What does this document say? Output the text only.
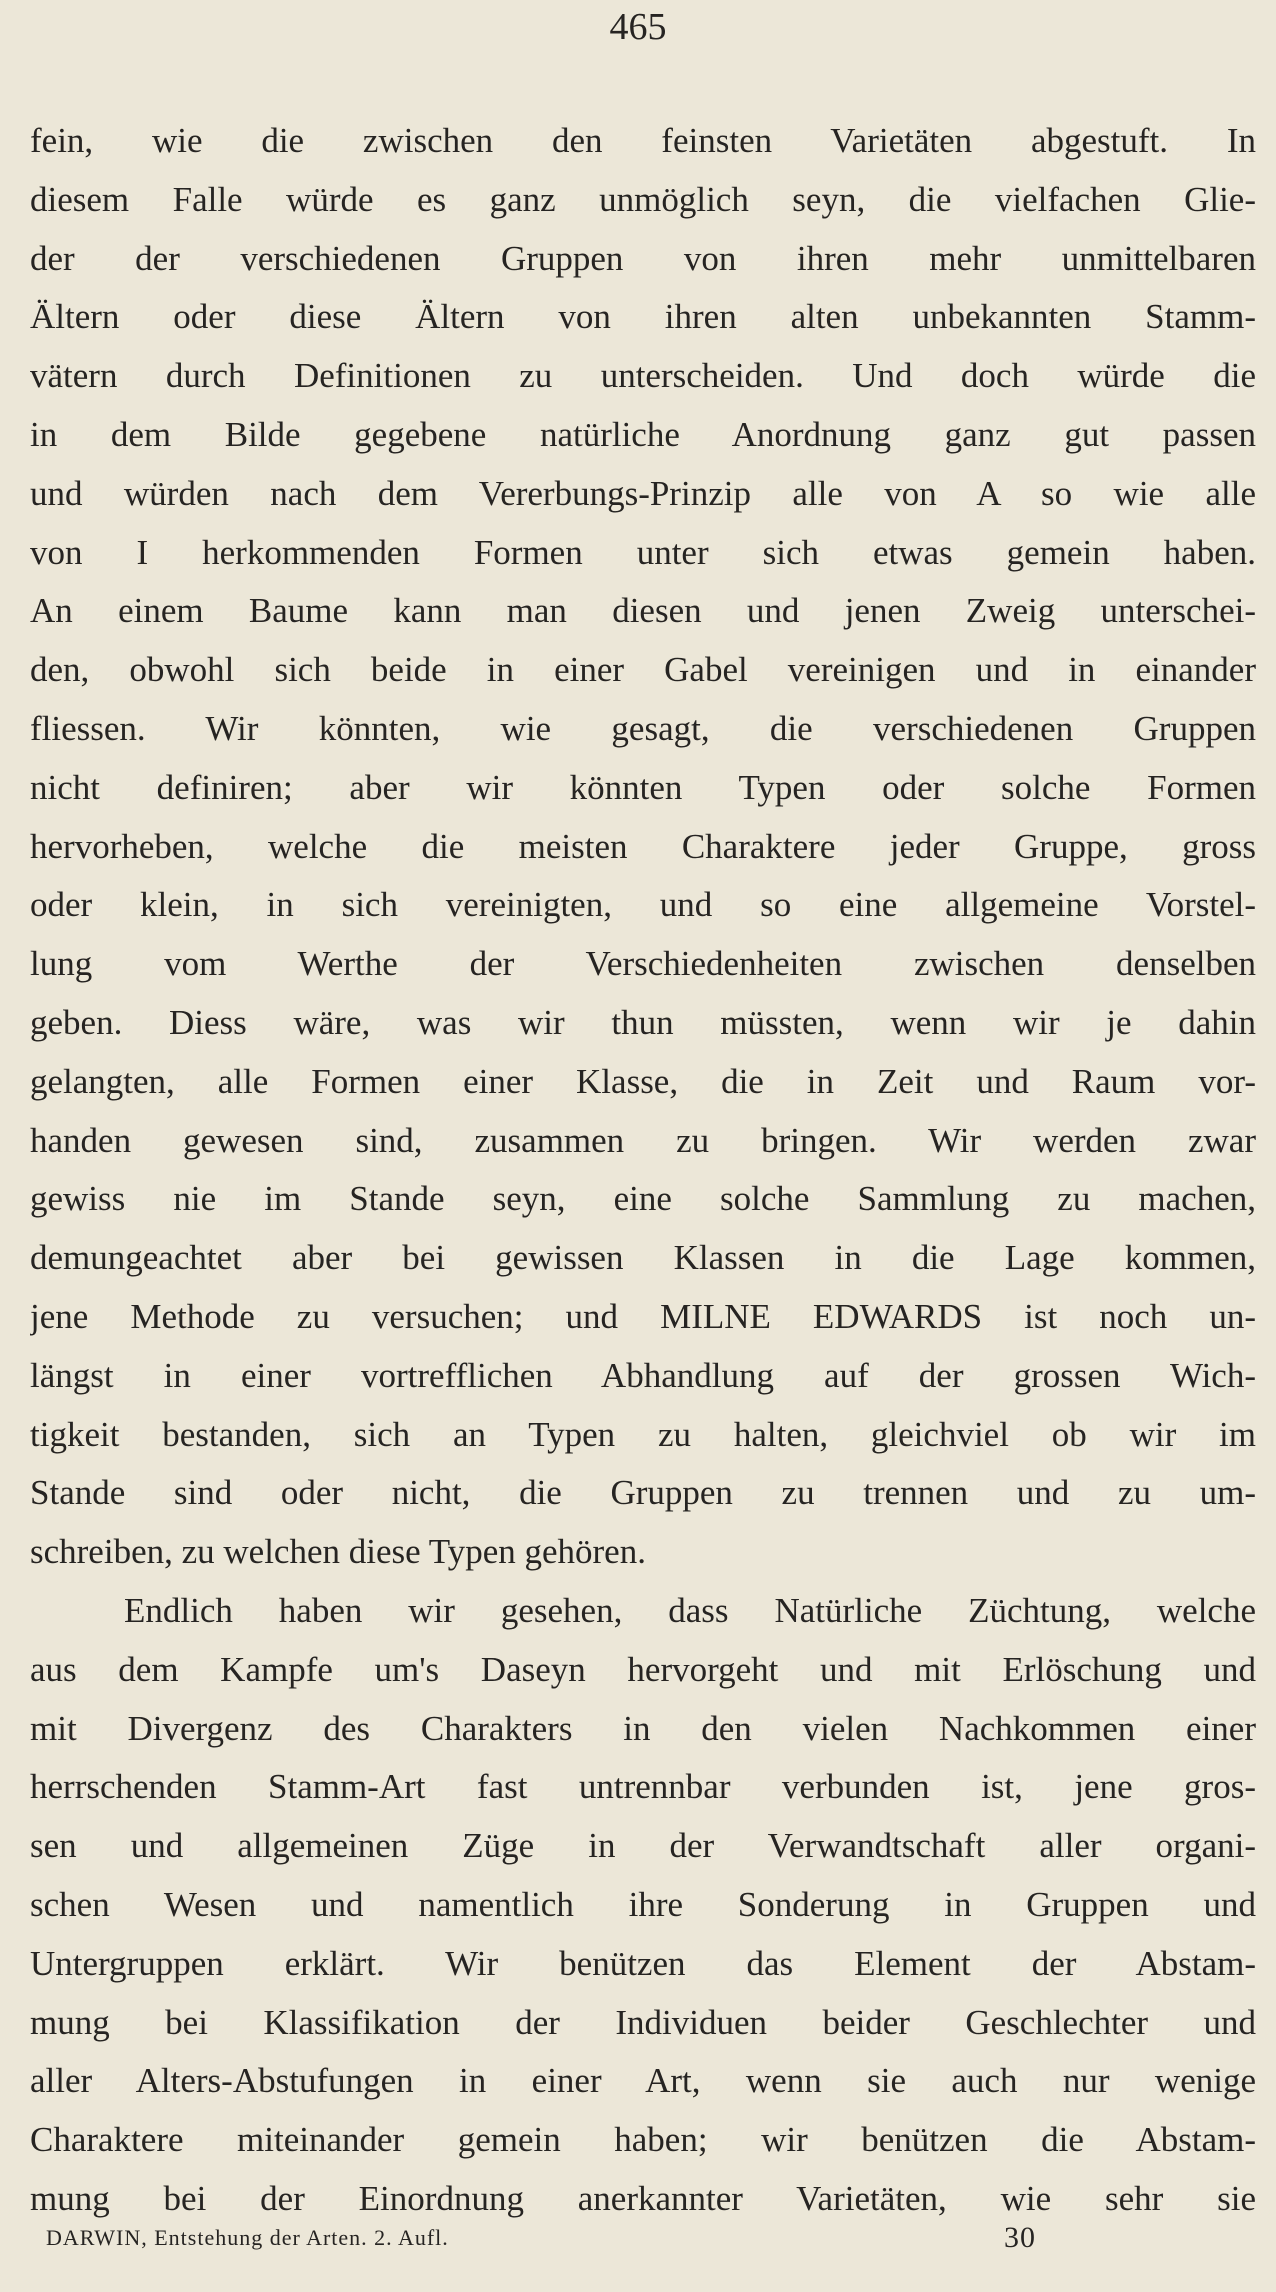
465
fein, wie die zwischen den feinsten Varietäten abgestuft. In
diesem Falle würde es ganz unmöglich seyn, die vielfachen Glie-
der der verschiedenen Gruppen von ihren mehr unmittelbaren
Ältern oder diese Ältern von ihren alten unbekannten Stamm-
vätern durch Definitionen zu unterscheiden. Und doch würde die
in dem Bilde gegebene natürliche Anordnung ganz gut passen
und würden nach dem Vererbungs-Prinzip alle von A so wie alle
von I herkommenden Formen unter sich etwas gemein haben.
An einem Baume kann man diesen und jenen Zweig unterschei-
den, obwohl sich beide in einer Gabel vereinigen und in einander
fliessen. Wir könnten, wie gesagt, die verschiedenen Gruppen
nicht definiren; aber wir könnten Typen oder solche Formen
hervorheben, welche die meisten Charaktere jeder Gruppe, gross
oder klein, in sich vereinigten, und so eine allgemeine Vorstel-
lung vom Werthe der Verschiedenheiten zwischen denselben
geben. Diess wäre, was wir thun müssten, wenn wir je dahin
gelangten, alle Formen einer Klasse, die in Zeit und Raum vor-
handen gewesen sind, zusammen zu bringen. Wir werden zwar
gewiss nie im Stande seyn, eine solche Sammlung zu machen,
demungeachtet aber bei gewissen Klassen in die Lage kommen,
jene Methode zu versuchen; und MILNE EDWARDS ist noch un-
längst in einer vortrefflichen Abhandlung auf der grossen Wich-
tigkeit bestanden, sich an Typen zu halten, gleichviel ob wir im
Stande sind oder nicht, die Gruppen zu trennen und zu um-
schreiben, zu welchen diese Typen gehören.
Endlich haben wir gesehen, dass Natürliche Züchtung, welche
aus dem Kampfe um's Daseyn hervorgeht und mit Erlöschung und
mit Divergenz des Charakters in den vielen Nachkommen einer
herrschenden Stamm-Art fast untrennbar verbunden ist, jene gros-
sen und allgemeinen Züge in der Verwandtschaft aller organi-
schen Wesen und namentlich ihre Sonderung in Gruppen und
Untergruppen erklärt. Wir benützen das Element der Abstam-
mung bei Klassifikation der Individuen beider Geschlechter und
aller Alters-Abstufungen in einer Art, wenn sie auch nur wenige
Charaktere miteinander gemein haben; wir benützen die Abstam-
mung bei der Einordnung anerkannter Varietäten, wie sehr sie
DARWIN, Entstehung der Arten. 2. Aufl.	30
